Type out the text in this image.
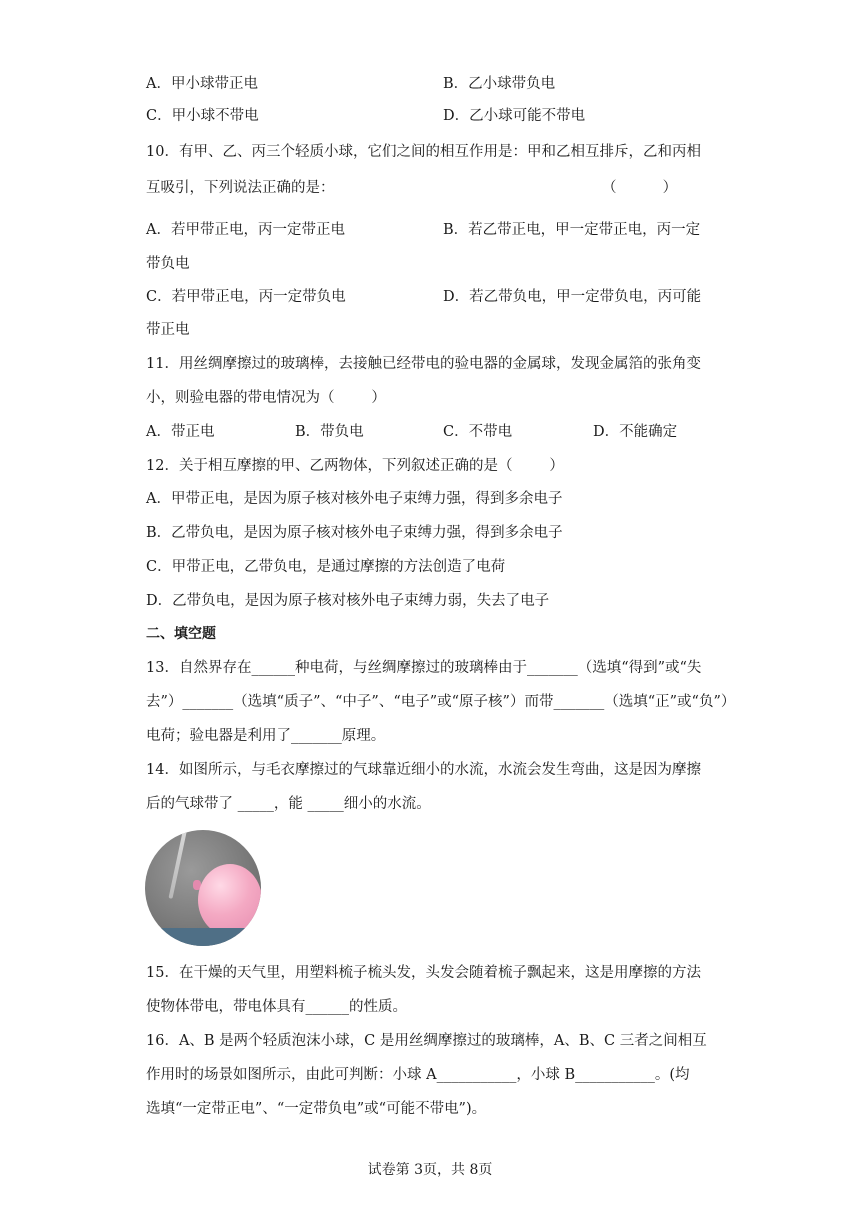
A．甲小球带正电	B．乙小球带负电
C．甲小球不带电	D．乙小球可能不带电
10．有甲、乙、丙三个轻质小球，它们之间的相互作用是：甲和乙相互排斥，乙和丙相
互吸引，下列说法正确的是：	（          ）
A．若甲带正电，丙一定带正电	B．若乙带正电，甲一定带正电，丙一定
带负电
C．若甲带正电，丙一定带负电	D．若乙带负电，甲一定带负电，丙可能
带正电
11．用丝绸摩擦过的玻璃棒，去接触已经带电的验电器的金属球，发现金属箔的张角变
小，则验电器的带电情况为（        ）
A．带正电	B．带负电	C．不带电	D．不能确定
12．关于相互摩擦的甲、乙两物体，下列叙述正确的是（        ）
A．甲带正电，是因为原子核对核外电子束缚力强，得到多余电子
B．乙带负电，是因为原子核对核外电子束缚力强，得到多余电子
C．甲带正电，乙带负电，是通过摩擦的方法创造了电荷
D．乙带负电，是因为原子核对核外电子束缚力弱，失去了电子
二、填空题
13．自然界存在______种电荷，与丝绸摩擦过的玻璃棒由于_______（选填“得到”或“失
去”）_______（选填“质子”、“中子”、“电子”或“原子核”）而带_______（选填“正”或“负”）
电荷；验电器是利用了_______原理。
14．如图所示，与毛衣摩擦过的气球靠近细小的水流，水流会发生弯曲，这是因为摩擦
后的气球带了 _____，能 _____细小的水流。
15．在干燥的天气里，用塑料梳子梳头发，头发会随着梳子飘起来，这是用摩擦的方法
使物体带电，带电体具有______的性质。
16．A、B 是两个轻质泡沫小球，C 是用丝绸摩擦过的玻璃棒，A、B、C 三者之间相互
作用时的场景如图所示，由此可判断：小球 A___________，小球 B___________。(均
选填“一定带正电”、“一定带负电”或“可能不带电”)。
试卷第 3页，共 8页
